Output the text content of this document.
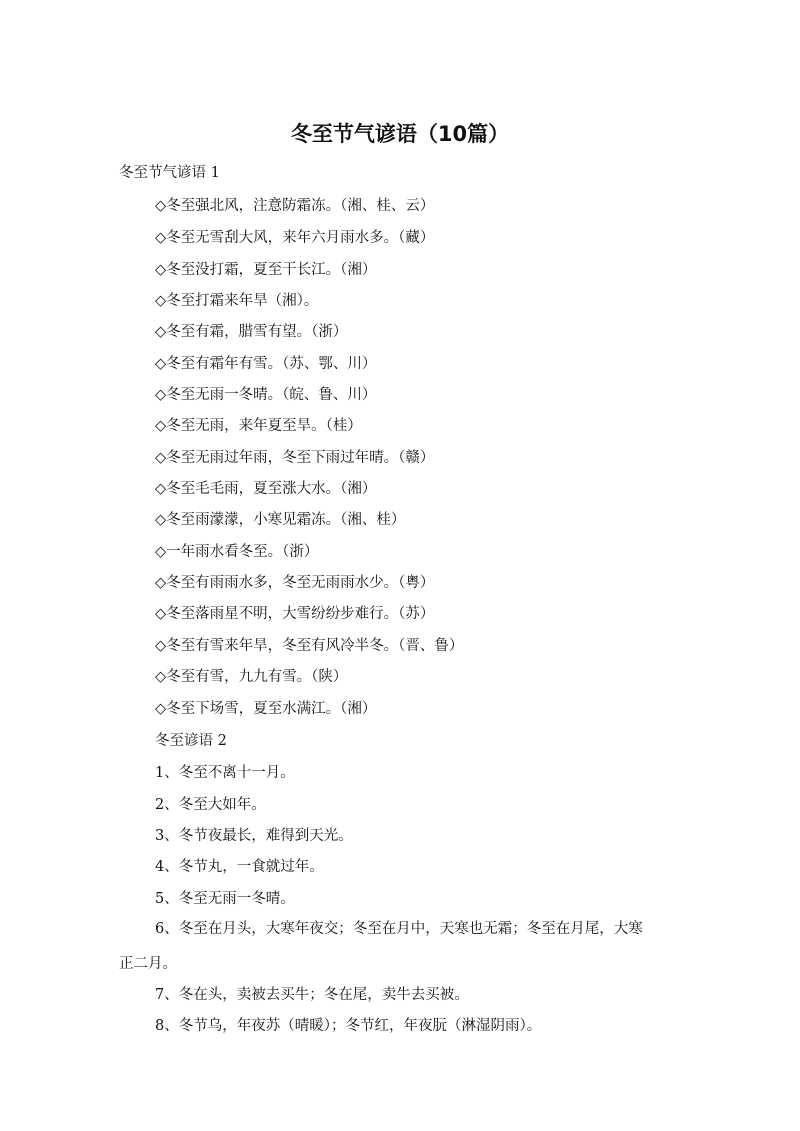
冬至节气谚语（10篇）
冬至节气谚语 1
◇冬至强北风，注意防霜冻。（湘、桂、云）
◇冬至无雪刮大风，来年六月雨水多。（藏）
◇冬至没打霜，夏至干长江。（湘）
◇冬至打霜来年旱（湘）。
◇冬至有霜，腊雪有望。（浙）
◇冬至有霜年有雪。（苏、鄂、川）
◇冬至无雨一冬晴。（皖、鲁、川）
◇冬至无雨，来年夏至旱。（桂）
◇冬至无雨过年雨，冬至下雨过年晴。（赣）
◇冬至毛毛雨，夏至涨大水。（湘）
◇冬至雨濛濛，小寒见霜冻。（湘、桂）
◇一年雨水看冬至。（浙）
◇冬至有雨雨水多，冬至无雨雨水少。（粤）
◇冬至落雨星不明，大雪纷纷步难行。（苏）
◇冬至有雪来年旱，冬至有风冷半冬。（晋、鲁）
◇冬至有雪，九九有雪。（陕）
◇冬至下场雪，夏至水满江。（湘）
冬至谚语 2
1、冬至不离十一月。
2、冬至大如年。
3、冬节夜最长，难得到天光。
4、冬节丸，一食就过年。
5、冬至无雨一冬晴。
6、冬至在月头，大寒年夜交；冬至在月中，天寒也无霜；冬至在月尾，大寒正二月。
7、冬在头，卖被去买牛；冬在尾，卖牛去买被。
8、冬节乌，年夜苏（晴暖）；冬节红，年夜朊（淋湿阴雨）。
